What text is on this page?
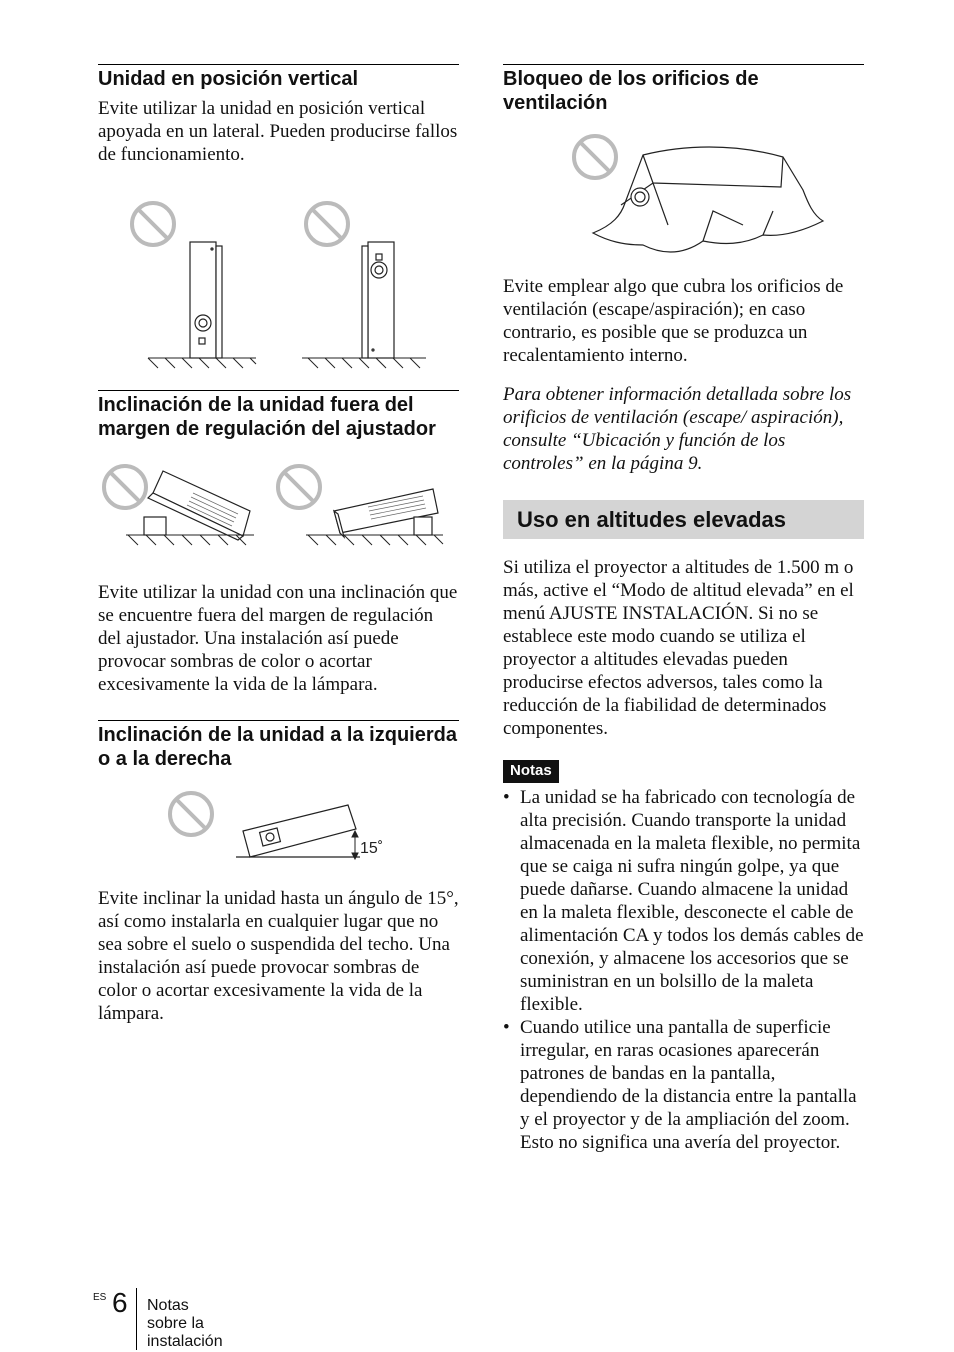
Unidad en posición vertical

Evite utilizar la unidad en posición vertical apoyada en un lateral. Pueden producirse fallos de funcionamiento.

Inclinación de la unidad fuera del margen de regulación del ajustador

Evite utilizar la unidad con una inclinación que se encuentre fuera del margen de regulación del ajustador. Una instalación así puede provocar sombras de color o acortar excesivamente la vida de la lámpara.

Inclinación de la unidad a la izquierda o a la derecha
15˚

Evite inclinar la unidad hasta un ángulo de 15°, así como instalarla en cualquier lugar que no sea sobre el suelo o suspendida del techo. Una instalación así puede provocar sombras de color o acortar excesivamente la vida de la lámpara.

Bloqueo de los orificios de ventilación

Evite emplear algo que cubra los orificios de ventilación (escape/aspiración); en caso contrario, es posible que se produzca un recalentamiento interno.

Para obtener información detallada sobre los orificios de ventilación (escape/ aspiración), consulte “Ubicación y función de los controles” en la página 9.

Uso en altitudes elevadas

Si utiliza el proyector a altitudes de 1.500 m o más, active el “Modo de altitud elevada” en el menú AJUSTE INSTALACIÓN. Si no se establece este modo cuando se utiliza el proyector a altitudes elevadas pueden producirse efectos adversos, tales como la reducción de la fiabilidad de determinados componentes.

Notas
• La unidad se ha fabricado con tecnología de alta precisión. Cuando transporte la unidad almacenada en la maleta flexible, no permita que se caiga ni sufra ningún golpe, ya que puede dañarse. Cuando almacene la unidad en la maleta flexible, desconecte el cable de alimentación CA y todos los demás cables de conexión, y almacene los accesorios que se suministran en un bolsillo de la maleta flexible.
• Cuando utilice una pantalla de superficie irregular, en raras ocasiones aparecerán patrones de bandas en la pantalla, dependiendo de la distancia entre la pantalla y el proyector y de la ampliación del zoom. Esto no significa una avería del proyector.
ES 6 Notas sobre la instalación
